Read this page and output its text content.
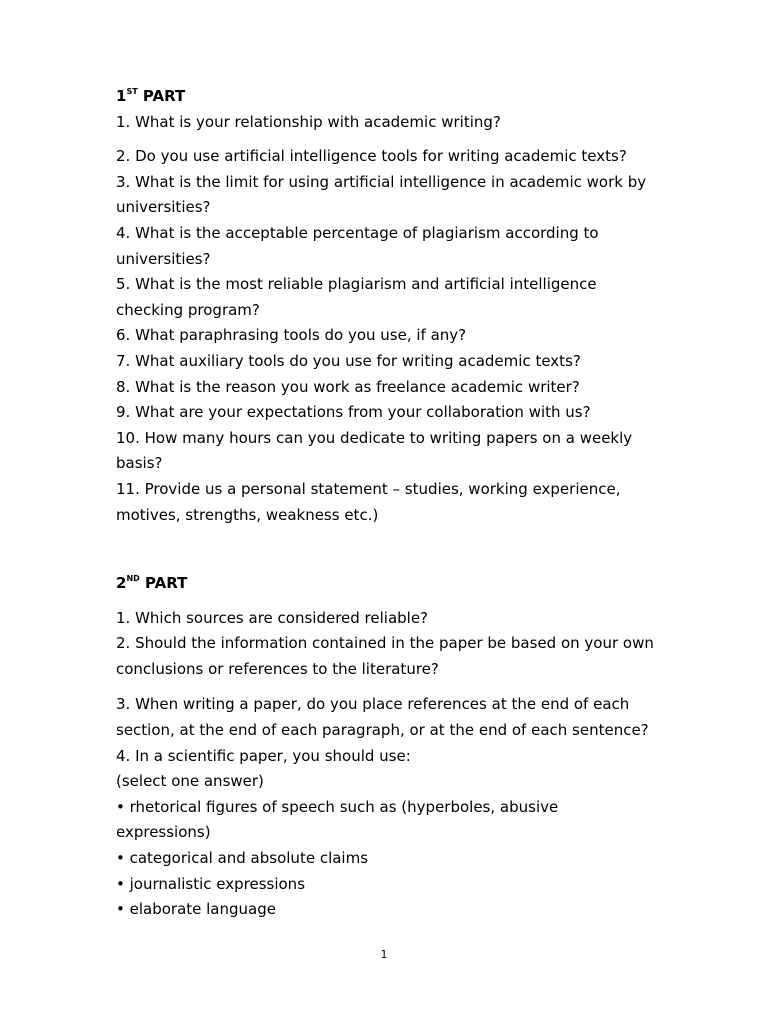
1ST PART

1. What is your relationship with academic writing?

2. Do you use artificial intelligence tools for writing academic texts?

3. What is the limit for using artificial intelligence in academic work by universities?

4. What is the acceptable percentage of plagiarism according to universities?

5. What is the most reliable plagiarism and artificial intelligence checking program?

6. What paraphrasing tools do you use, if any?

7. What auxiliary tools do you use for writing academic texts?

8. What is the reason you work as freelance academic writer?

9. What are your expectations from your collaboration with us?

10. How many hours can you dedicate to writing papers on a weekly basis?

11. Provide us a personal statement – studies, working experience, motives, strengths, weakness etc.)

2ND PART

1. Which sources are considered reliable?

2. Should the information contained in the paper be based on your own conclusions or references to the literature?

3. When writing a paper, do you place references at the end of each section, at the end of each paragraph, or at the end of each sentence?

4. In a scientific paper, you should use:

(select one answer)

• rhetorical figures of speech such as (hyperboles, abusive expressions)

• categorical and absolute claims

• journalistic expressions

• elaborate language

1
